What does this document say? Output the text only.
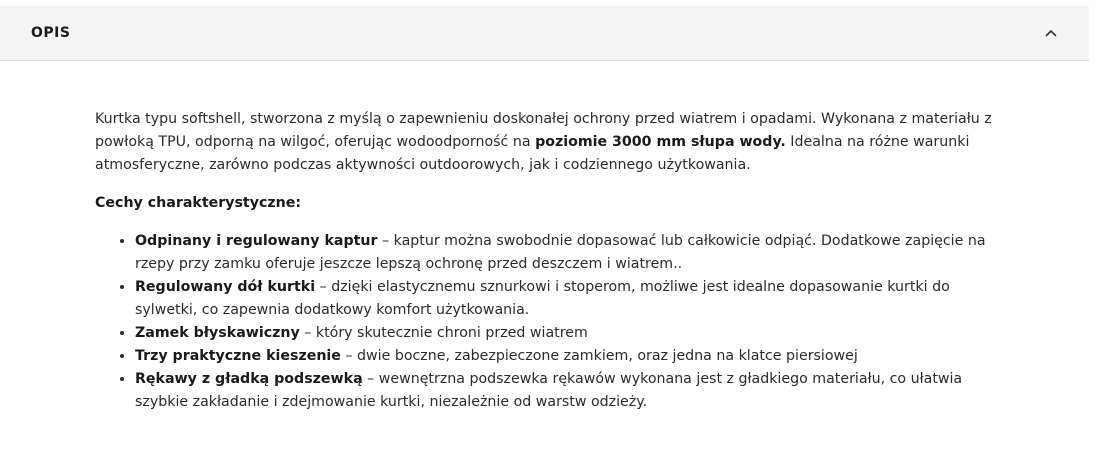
OPIS

Kurtka typu softshell, stworzona z myślą o zapewnieniu doskonałej ochrony przed wiatrem i opadami. Wykonana z materiału z powłoką TPU, odporną na wilgoć, oferując wodoodporność na poziomie 3000 mm słupa wody. Idealna na różne warunki atmosferyczne, zarówno podczas aktywności outdoorowych, jak i codziennego użytkowania.

Cechy charakterystyczne:

• Odpinany i regulowany kaptur – kaptur można swobodnie dopasować lub całkowicie odpiąć. Dodatkowe zapięcie na rzepy przy zamku oferuje jeszcze lepszą ochronę przed deszczem i wiatrem..
• Regulowany dół kurtki – dzięki elastycznemu sznurkowi i stoperom, możliwe jest idealne dopasowanie kurtki do sylwetki, co zapewnia dodatkowy komfort użytkowania.
• Zamek błyskawiczny – który skutecznie chroni przed wiatrem
• Trzy praktyczne kieszenie – dwie boczne, zabezpieczone zamkiem, oraz jedna na klatce piersiowej
• Rękawy z gładką podszewką – wewnętrzna podszewka rękawów wykonana jest z gładkiego materiału, co ułatwia szybkie zakładanie i zdejmowanie kurtki, niezależnie od warstw odzieży.
